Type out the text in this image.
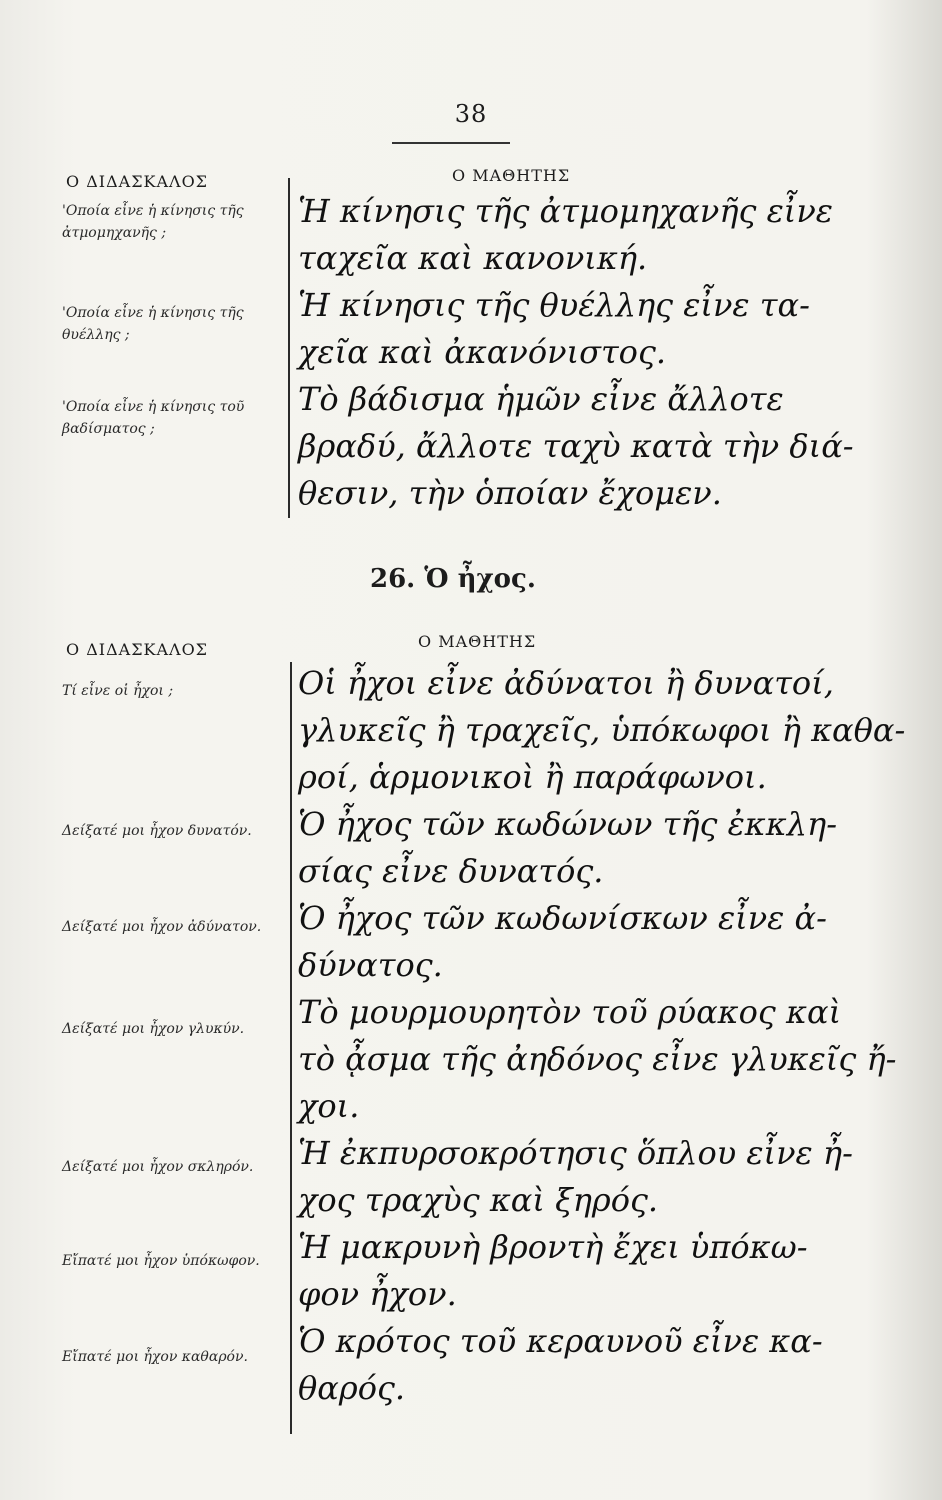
38
Ο ΔΙΔΑΣΚΑΛΟΣ	Ο ΜΑΘΗΤΗΣ
'Οποία εἶνε ἡ κίνησις τῆς ἀτμομηχανῆς ;
'Οποία εἶνε ἡ κίνησις τῆς θυέλλης ;
'Οποία εἶνε ἡ κίνησις τοῦ βαδίσματος ;
Ἡ κίνησις τῆς ἀτμομηχανῆς εἶνε
ταχεῖα καὶ κανονική.
Ἡ κίνησις τῆς θυέλλης εἶνε τα-
χεῖα καὶ ἀκανόνιστος.
Τὸ βάδισμα ἡμῶν εἶνε ἄλλοτε
βραδύ, ἄλλοτε ταχὺ κατὰ τὴν διά-
θεσιν, τὴν ὁποίαν ἔχομεν.
26. Ὁ ἦχος.
Ο ΔΙΔΑΣΚΑΛΟΣ	Ο ΜΑΘΗΤΗΣ
Τί εἶνε οἱ ἦχοι ;
Δείξατέ μοι ἦχον δυνατόν.
Δείξατέ μοι ἦχον ἀδύνατον.
Δείξατέ μοι ἦχον γλυκύν.
Δείξατέ μοι ἦχον σκληρόν.
Εἴπατέ μοι ἦχον ὑπόκωφον.
Εἴπατέ μοι ἦχον καθαρόν.
Οἱ ἦχοι εἶνε ἀδύνατοι ἢ δυνατοί,
γλυκεῖς ἢ τραχεῖς, ὑπόκωφοι ἢ καθα-
ροί, ἁρμονικοὶ ἢ παράφωνοι.
Ὁ ἦχος τῶν κωδώνων τῆς ἐκκλη-
σίας εἶνε δυνατός.
Ὁ ἦχος τῶν κωδωνίσκων εἶνε ἀ-
δύνατος.
Τὸ μουρμουρητὸν τοῦ ρύακος καὶ
τὸ ᾆσμα τῆς ἀηδόνος εἶνε γλυκεῖς ἤ-
χοι.
Ἡ ἐκπυρσοκρότησις ὅπλου εἶνε ἦ-
χος τραχὺς καὶ ξηρός.
Ἡ μακρυνὴ βροντὴ ἔχει ὑπόκω-
φον ἦχον.
Ὁ κρότος τοῦ κεραυνοῦ εἶνε κα-
θαρός.
